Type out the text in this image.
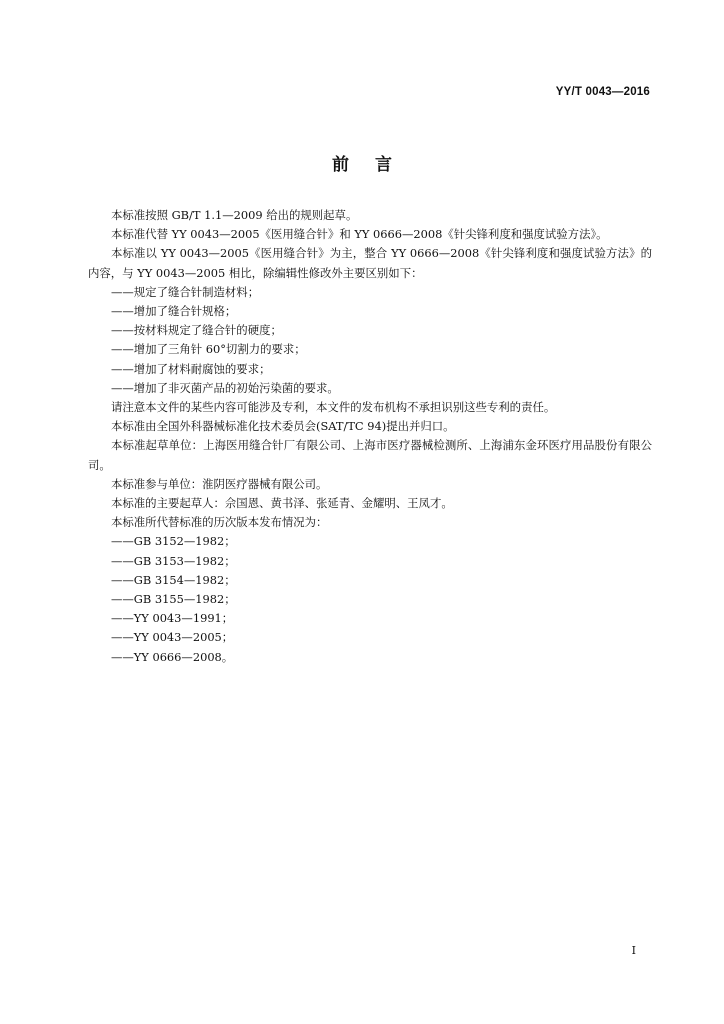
YY/T 0043—2016
前言

本标准按照 GB/T 1.1—2009 给出的规则起草。

本标准代替 YY 0043—2005《医用缝合针》和 YY 0666—2008《针尖锋利度和强度试验方法》。

本标准以 YY 0043—2005《医用缝合针》为主，整合 YY 0666—2008《针尖锋利度和强度试验方法》的内容，与 YY 0043—2005 相比，除编辑性修改外主要区别如下：

——规定了缝合针制造材料；

——增加了缝合针规格；

——按材料规定了缝合针的硬度；

——增加了三角针 60°切割力的要求；

——增加了材料耐腐蚀的要求；

——增加了非灭菌产品的初始污染菌的要求。

请注意本文件的某些内容可能涉及专利，本文件的发布机构不承担识别这些专利的责任。

本标准由全国外科器械标准化技术委员会(SAT/TC 94)提出并归口。

本标准起草单位：上海医用缝合针厂有限公司、上海市医疗器械检测所、上海浦东金环医疗用品股份有限公司。

本标准参与单位：淮阴医疗器械有限公司。

本标准的主要起草人：佘国恩、黄书泽、张延青、金耀明、王凤才。

本标准所代替标准的历次版本发布情况为：

——GB 3152—1982；

——GB 3153—1982；

——GB 3154—1982；

——GB 3155—1982；

——YY 0043—1991；

——YY 0043—2005；

——YY 0666—2008。

I
